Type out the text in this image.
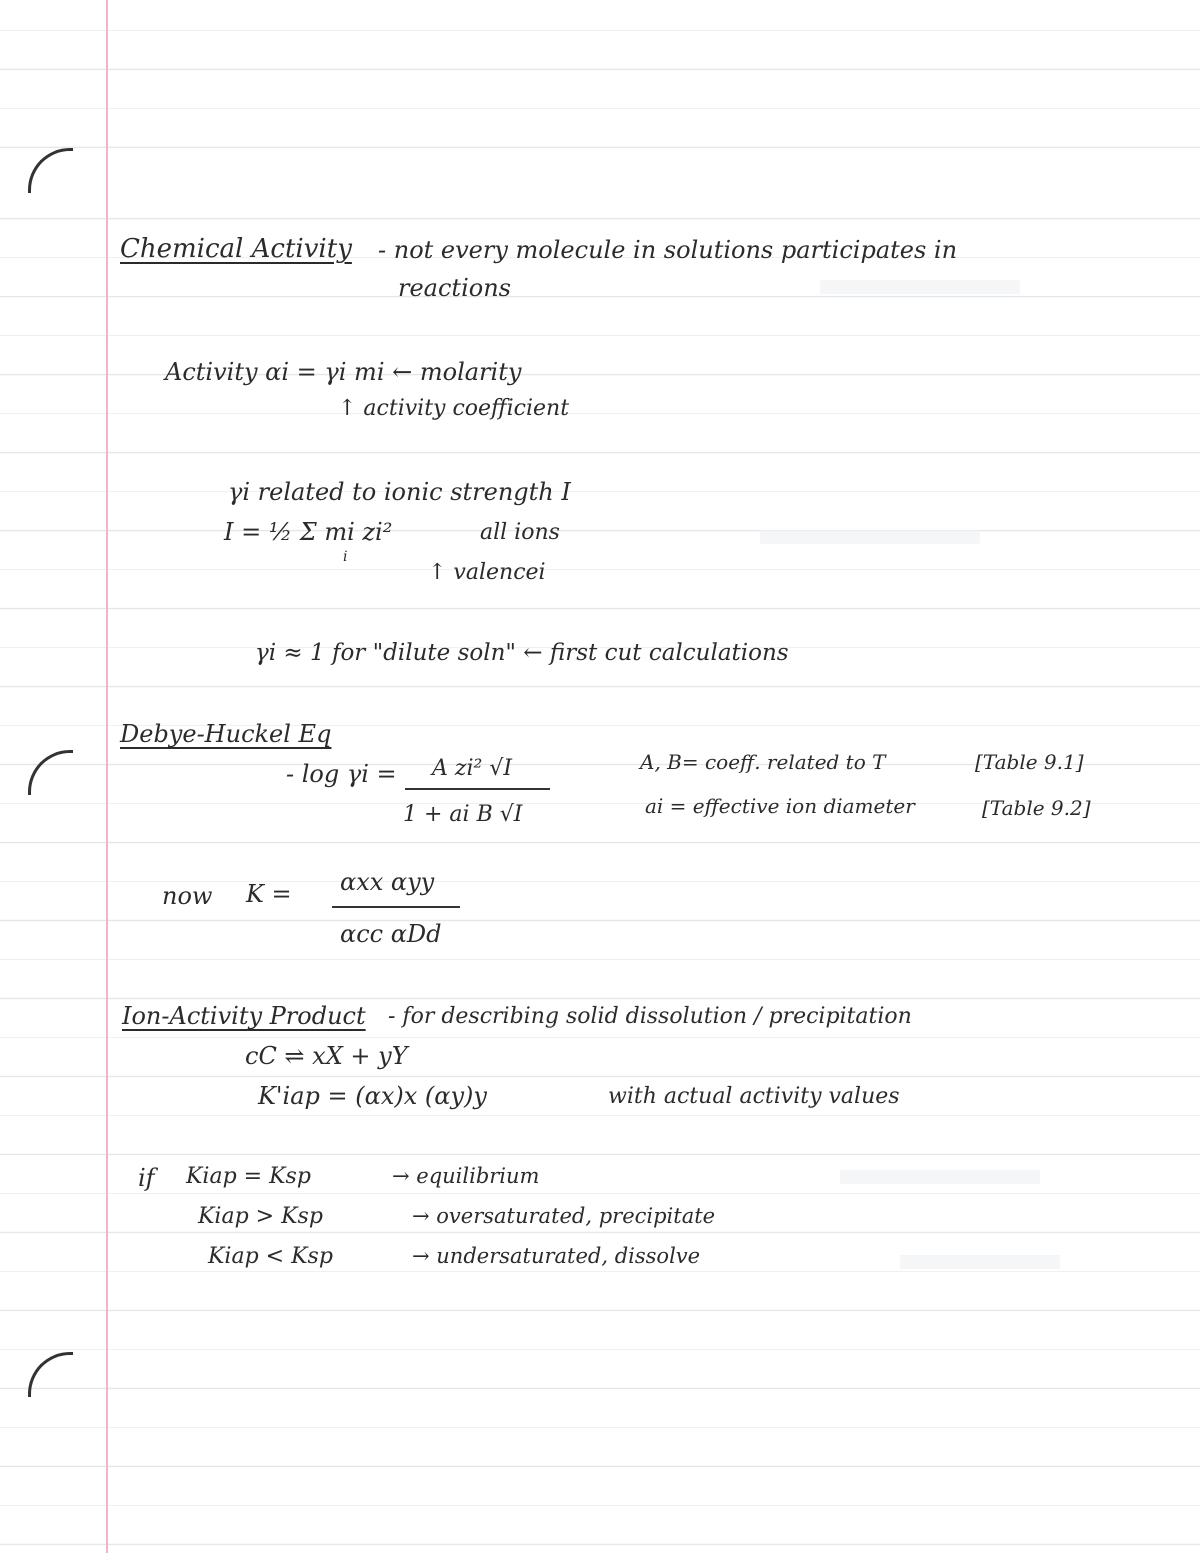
Chemical Activity - not every molecule in solutions participates in
reactions
Activity αi = γi mi ← molarity
↑ activity coefficient
γi related to ionic strength I
I = ½ Σ mi zi²	all ions
i
↑ valencei
γi ≈ 1 for "dilute soln" ← first cut calculations
Debye-Huckel Eq
- log γi = A zi² √I
1 + ai B √I
A, B= coeff. related to T	[Table 9.1]
ai = effective ion diameter	[Table 9.2]
now K = αxx αyy
αcc αDd
Ion-Activity Product - for describing solid dissolution / precipitation
cC ⇌ xX + yY
K'iap = (αx)x (αy)y	with actual activity values
if Kiap = Ksp	→ equilibrium
Kiap > Ksp	→ oversaturated, precipitate
Kiap < Ksp	→ undersaturated, dissolve
